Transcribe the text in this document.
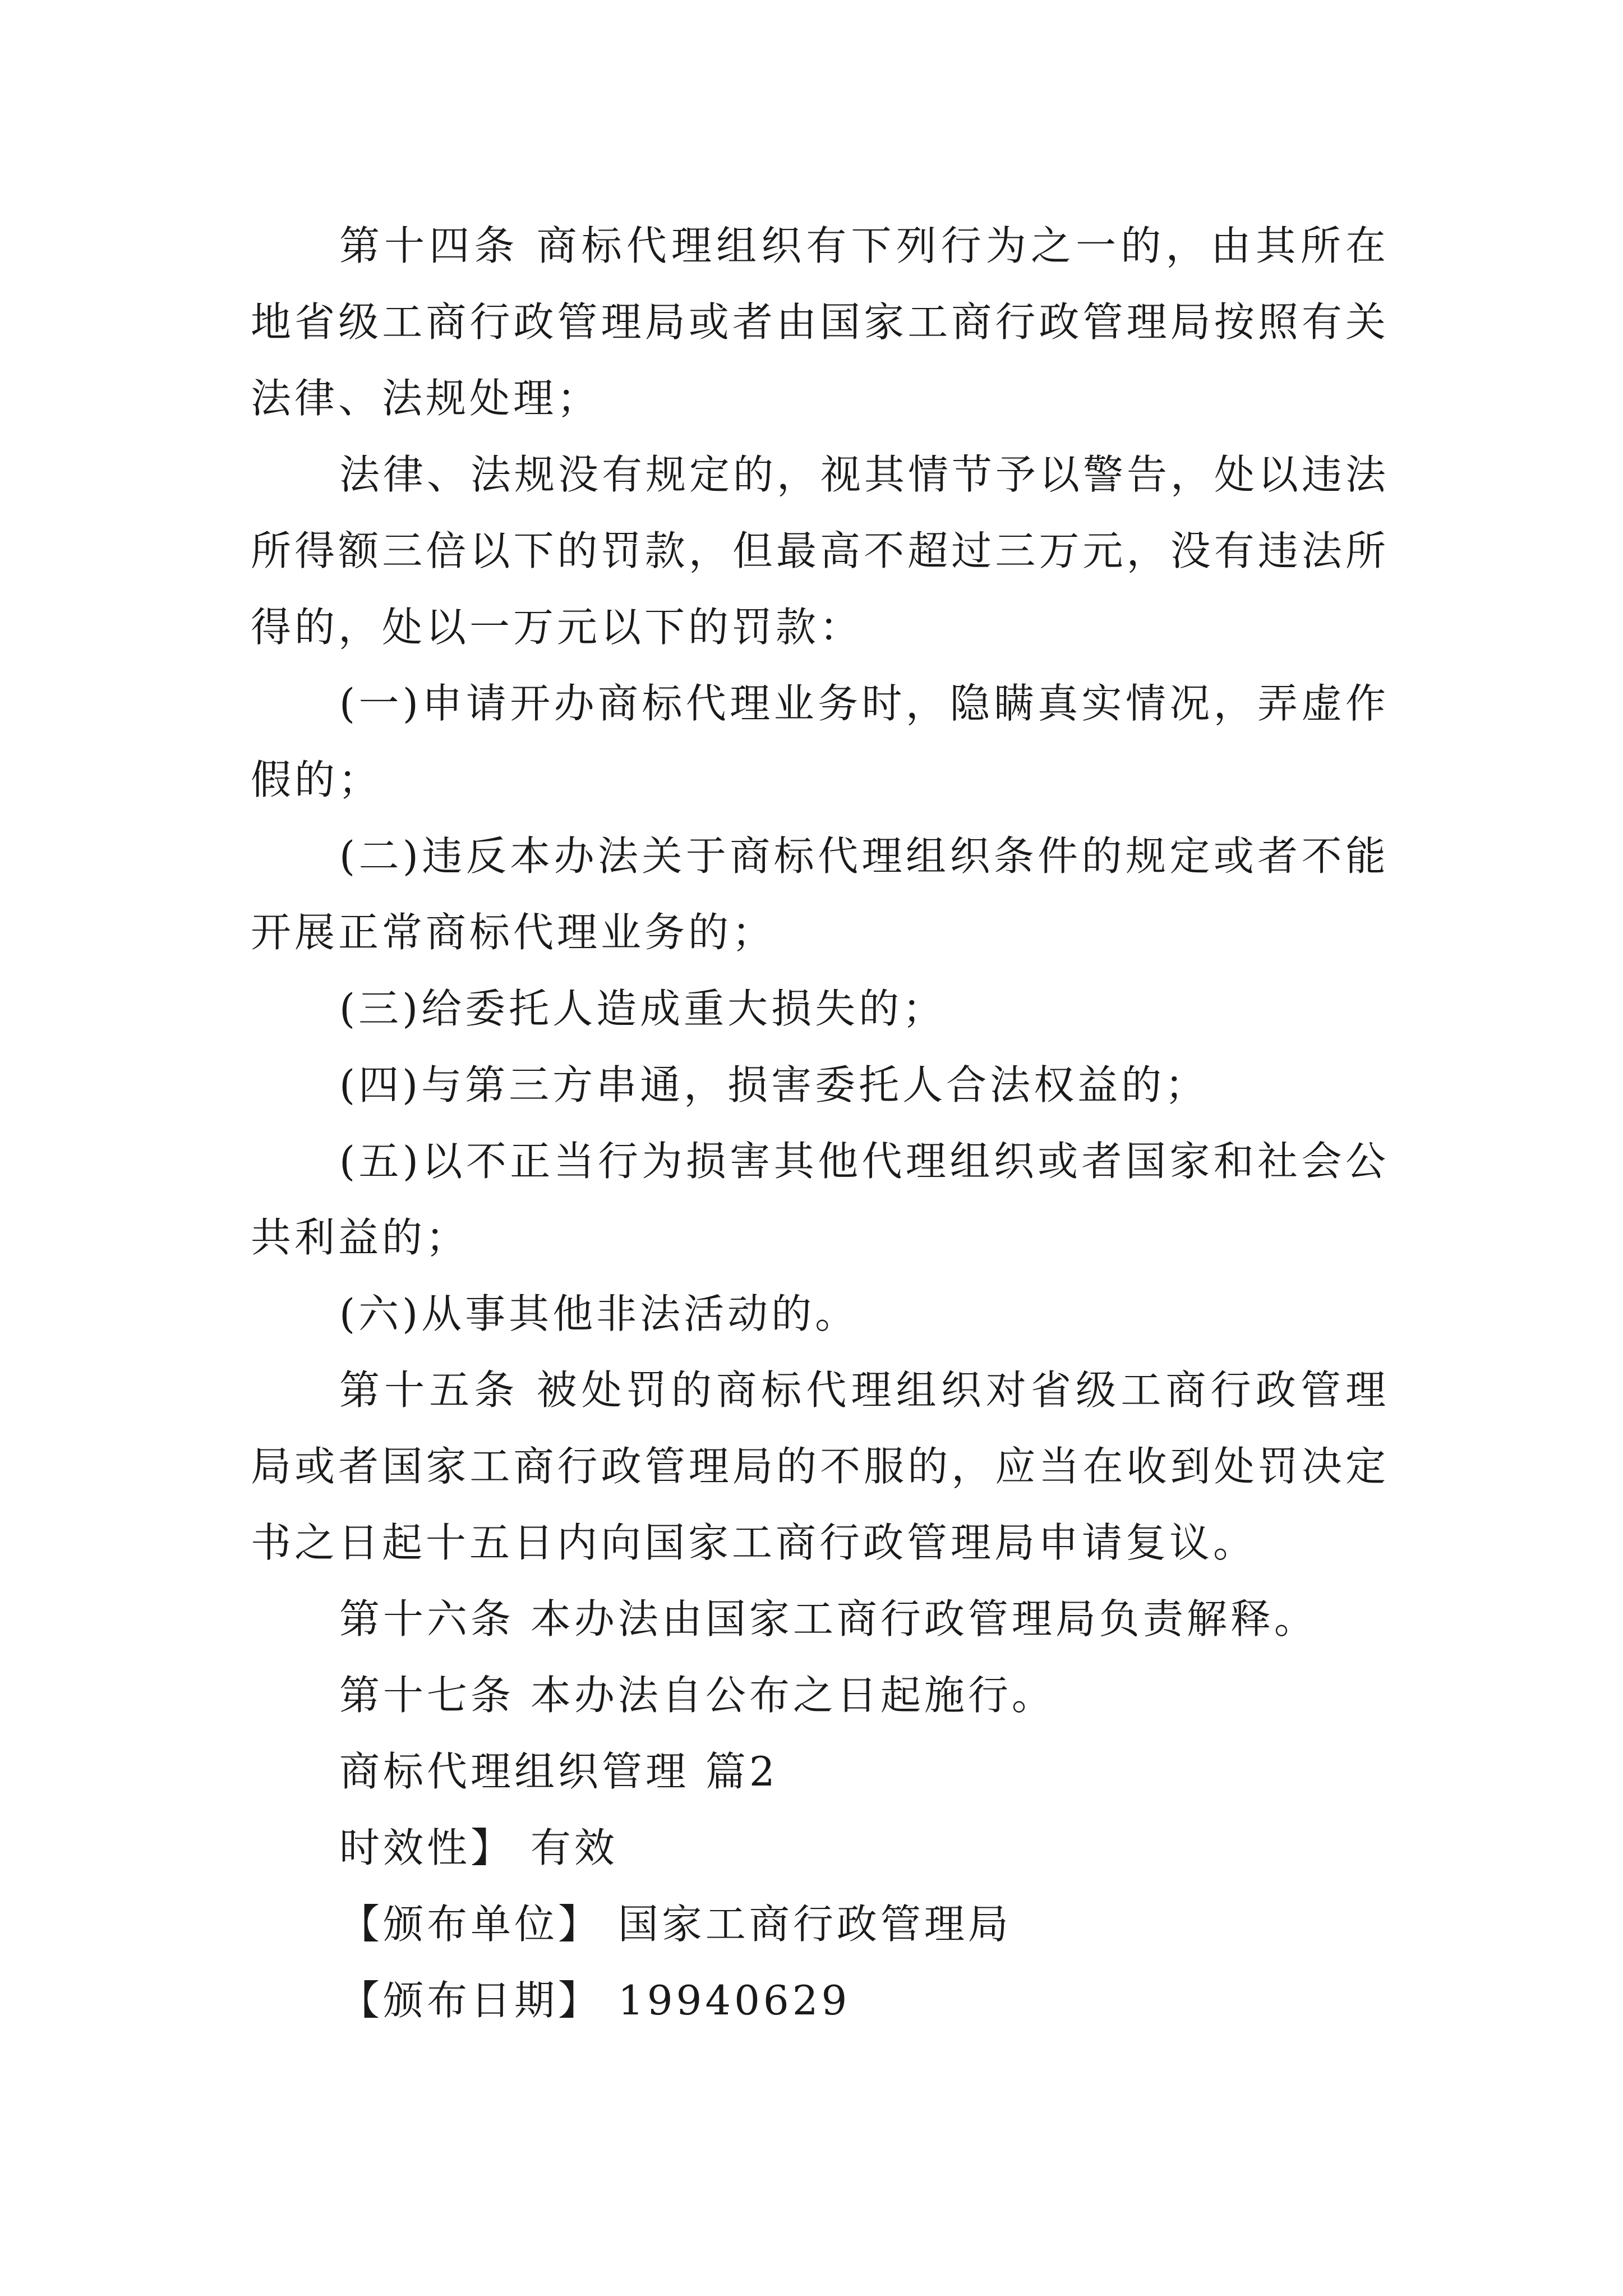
第十四条 商标代理组织有下列行为之一的，由其所在地省级工商行政管理局或者由国家工商行政管理局按照有关法律、法规处理；

法律、法规没有规定的，视其情节予以警告，处以违法所得额三倍以下的罚款，但最高不超过三万元，没有违法所得的，处以一万元以下的罚款：

(一)申请开办商标代理业务时，隐瞒真实情况，弄虚作假的；

(二)违反本办法关于商标代理组织条件的规定或者不能开展正常商标代理业务的；

(三)给委托人造成重大损失的；

(四)与第三方串通，损害委托人合法权益的；

(五)以不正当行为损害其他代理组织或者国家和社会公共利益的；

(六)从事其他非法活动的。

第十五条 被处罚的商标代理组织对省级工商行政管理局或者国家工商行政管理局的不服的，应当在收到处罚决定书之日起十五日内向国家工商行政管理局申请复议。

第十六条 本办法由国家工商行政管理局负责解释。

第十七条 本办法自公布之日起施行。

商标代理组织管理 篇2

时效性】 有效

【颁布单位】 国家工商行政管理局

【颁布日期】 19940629
